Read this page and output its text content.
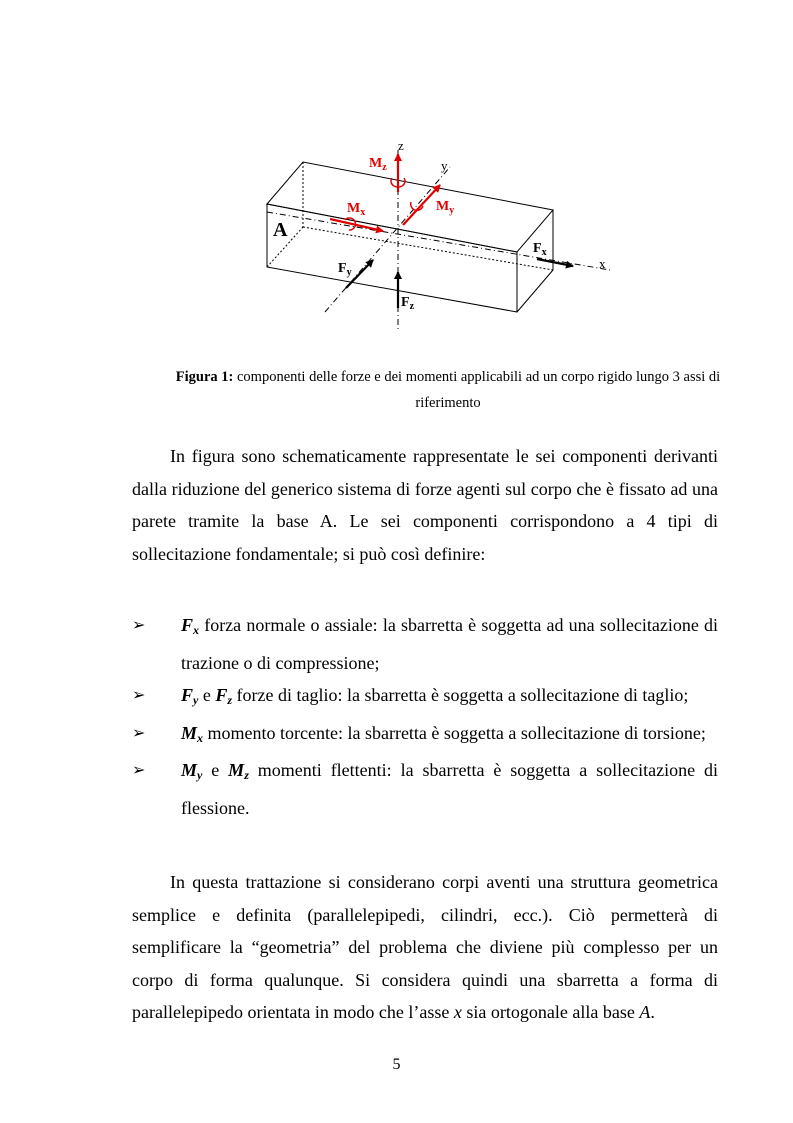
z
y
x
A
$F_x$
$F_y$
$F_z$
$M_x$	$M_y$
$M_z$
Figura 1: componenti delle forze e dei momenti applicabili ad un corpo rigido lungo 3 assi di riferimento

In figura sono schematicamente rappresentate le sei componenti derivanti dalla riduzione del generico sistema di forze agenti sul corpo che è fissato ad una parete tramite la base A. Le sei componenti corrispondono a 4 tipi di sollecitazione fondamentale; si può così definire:

➢ $F_x$ forza normale o assiale: la sbarretta è soggetta ad una sollecitazione di trazione o di compressione;
➢ $F_y$ e $F_z$ forze di taglio: la sbarretta è soggetta a sollecitazione di taglio;
➢ $M_x$ momento torcente: la sbarretta è soggetta a sollecitazione di torsione;
➢ $M_y$ e $M_z$ momenti flettenti: la sbarretta è soggetta a sollecitazione di flessione.

In questa trattazione si considerano corpi aventi una struttura geometrica semplice e definita (parallelepipedi, cilindri, ecc.). Ciò permetterà di semplificare la “geometria” del problema che diviene più complesso per un corpo di forma qualunque. Si considera quindi una sbarretta a forma di parallelepipedo orientata in modo che l’asse x sia ortogonale alla base A.

5
